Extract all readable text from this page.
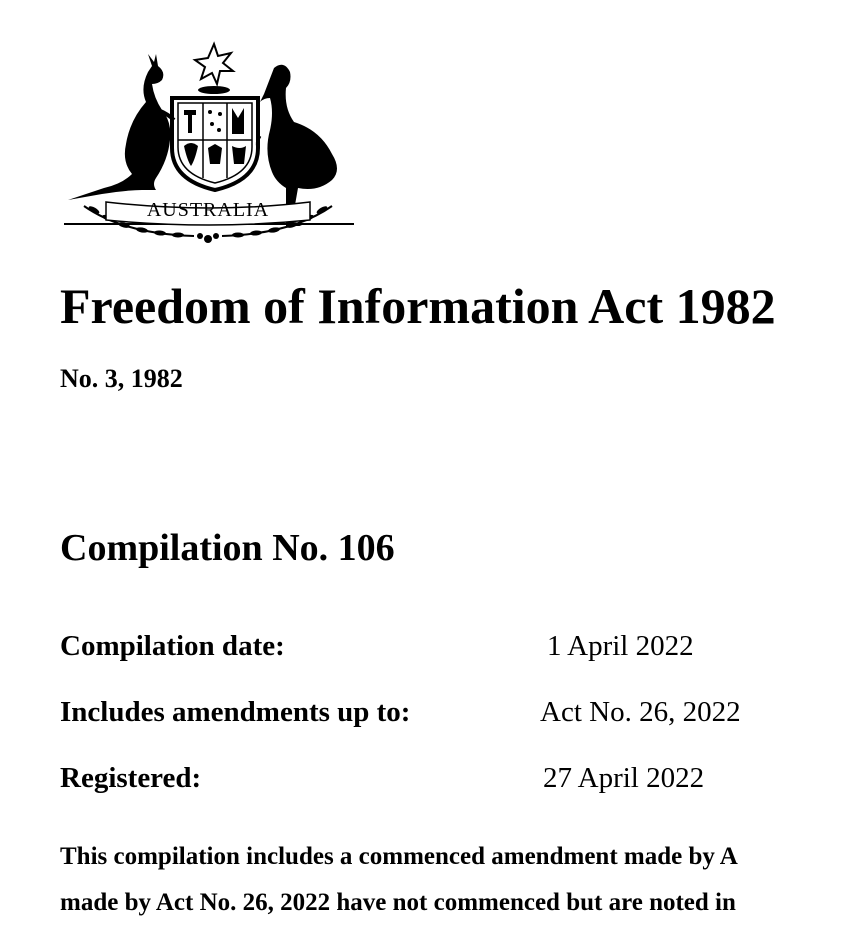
AUSTRALIA
Freedom of Information Act 1982
No. 3, 1982
Compilation No. 106
Compilation date:	1 April 2022
Includes amendments up to:	Act No. 26, 2022
Registered:	27 April 2022

This compilation includes a commenced amendment made by A
made by Act No. 26, 2022 have not commenced but are noted in
